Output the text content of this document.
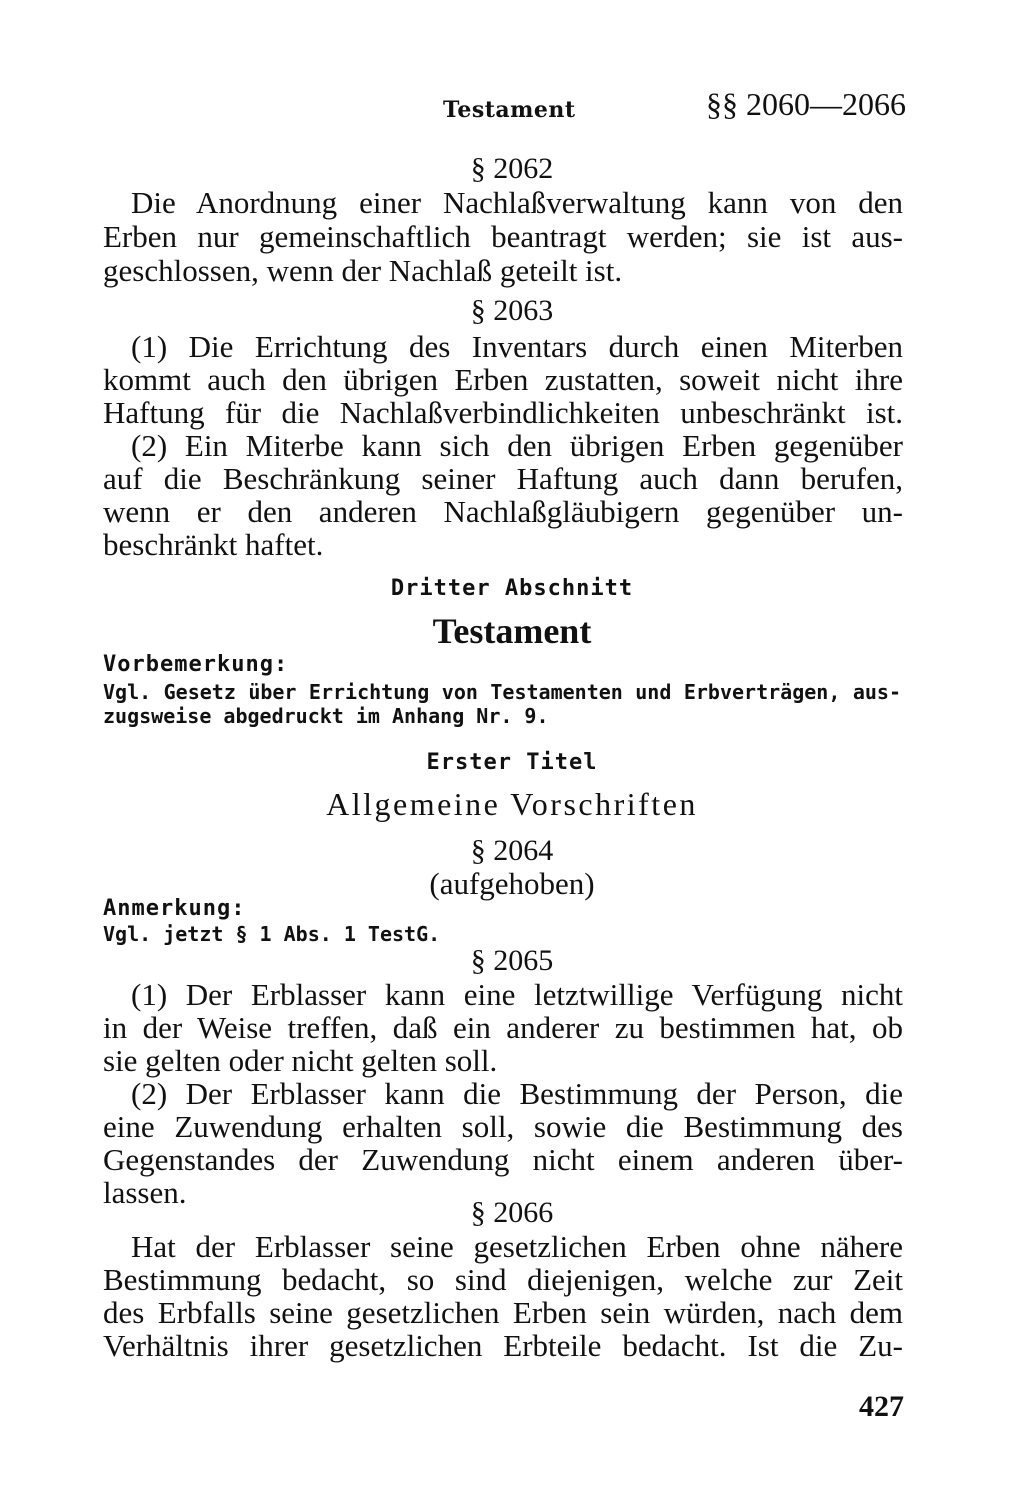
Testament	§§ 2060—2066
§ 2062
Die Anordnung einer Nachlaßverwaltung kann von den
Erben nur gemeinschaftlich beantragt werden; sie ist aus-
geschlossen, wenn der Nachlaß geteilt ist.
§ 2063
(1) Die Errichtung des Inventars durch einen Miterben
kommt auch den übrigen Erben zustatten, soweit nicht ihre
Haftung für die Nachlaßverbindlichkeiten unbeschränkt ist.
(2) Ein Miterbe kann sich den übrigen Erben gegenüber
auf die Beschränkung seiner Haftung auch dann berufen,
wenn er den anderen Nachlaßgläubigern gegenüber un-
beschränkt haftet.
Dritter Abschnitt
Testament
Vorbemerkung:
Vgl. Gesetz über Errichtung von Testamenten und Erbverträgen, aus-
zugsweise abgedruckt im Anhang Nr. 9.
Erster Titel
Allgemeine Vorschriften
§ 2064
(aufgehoben)
Anmerkung:
Vgl. jetzt § 1 Abs. 1 TestG.
§ 2065
(1) Der Erblasser kann eine letztwillige Verfügung nicht
in der Weise treffen, daß ein anderer zu bestimmen hat, ob
sie gelten oder nicht gelten soll.
(2) Der Erblasser kann die Bestimmung der Person, die
eine Zuwendung erhalten soll, sowie die Bestimmung des
Gegenstandes der Zuwendung nicht einem anderen über-
lassen.
§ 2066
Hat der Erblasser seine gesetzlichen Erben ohne nähere
Bestimmung bedacht, so sind diejenigen, welche zur Zeit
des Erbfalls seine gesetzlichen Erben sein würden, nach dem
Verhältnis ihrer gesetzlichen Erbteile bedacht. Ist die Zu-
427
